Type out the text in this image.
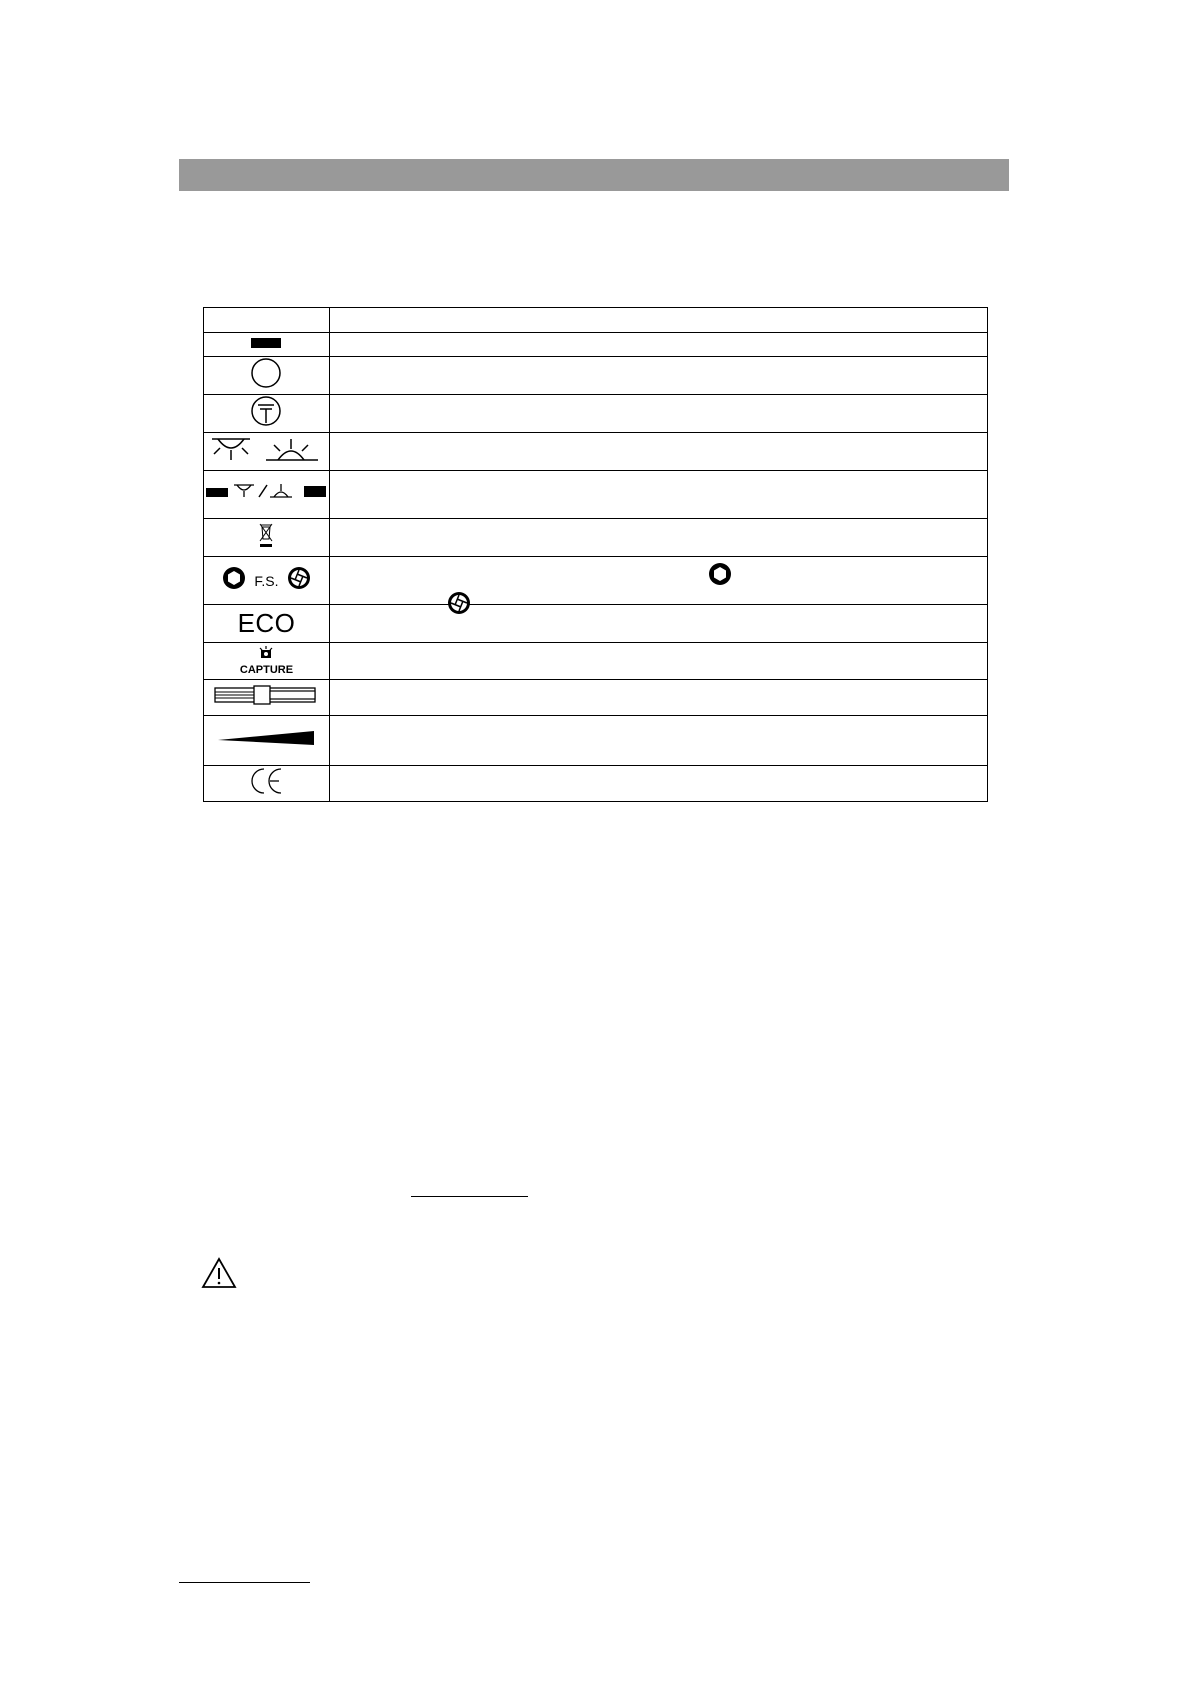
F.S.

ECO

CAPTURE	
